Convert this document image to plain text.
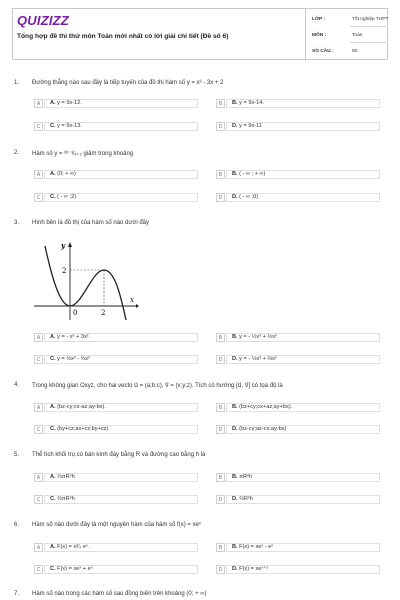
QUIZIZZ
Tổng hợp đề thi thử môn Toán mới nhất có lời giải chi tiết (Đề số 6)
LỚP :	Tốt nghiệp THPT
MÔN :	Toán
SỐ CÂU :	50
1. Đường thẳng nào sau đây là tiếp tuyến của đồ thị hàm số y = x³ - 3x + 2
A	A. y = 9x-12.	B	B. y = 9x-14.
C	C. y = 9x-13.	D	D. y = 9x-11
2. Hàm số y = ³ˣ⁻¹⁄ₓ₊₂ giảm trong khoảng
A	A. (0; + ∞)	B	B. ( - ∞ ; + ∞)
C	C. ( - ∞ ;2)	D	D. ( - ∞ ;0)
3. Hình bên là đồ thị của hàm số nào dưới đây
y
x
0	2
2
A	A. y = - x³ + 3x² .	B	B. y = - ½x³ + ½x²
C	C. y = ½x³ - ⅔x²	D	D. y = - ½x³ + ⅔x²
4. Trong không gian Oxyz, cho hai vecto u⃗ = (a;b;c), v⃗ = (x;y;z). Tích có hướng [u⃗, v⃗] có tọa độ là
A	A. (bz-cy;cx-az;ay-bx).	B	B. (bz+cy;cx+az;ay+bx).
C	C. (by+cz;ax+cz;by+cz).	D	D. (bz-cy;az-cx;ay-bx)
5. Thể tích khối trụ có bán kính đáy bằng R và đường cao bằng h là
A	A. ⅓πR²h	B	B. πR²h
C	C. ⅔πR²h	D	D. ⅔R²h
6. Hàm số nào dưới đây là một nguyên hàm của hàm số f(x) = xeˣ
A	A. F(x) = x²⁄₂ eˣ .	B	B. F(x) = xeˣ - eˣ
C	C. F(x) = xeˣ + eˣ	D	D. F(x) = xeˣ⁺¹
7. Hàm số nào trong các hàm số sau đồng biến trên khoảng (0; + ∞)
